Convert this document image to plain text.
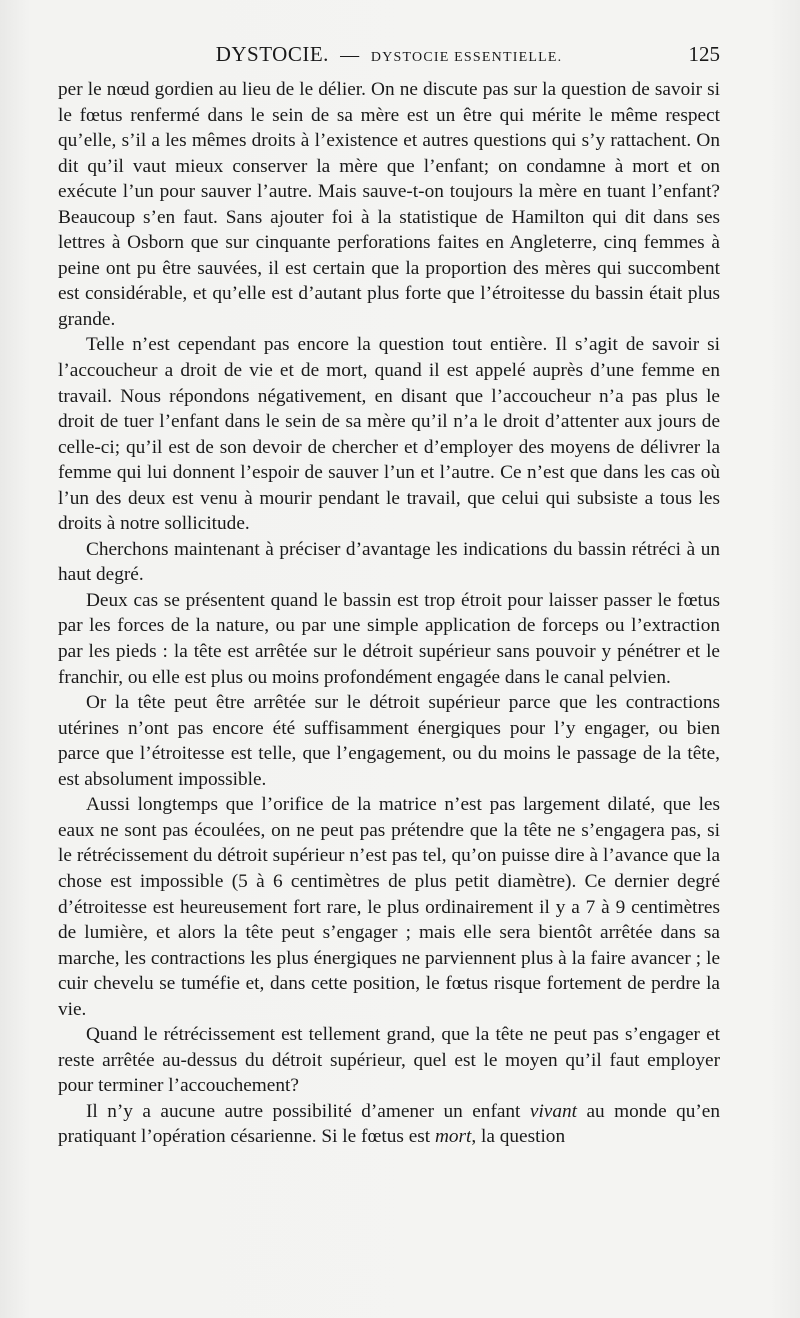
DYSTOCIE. — DYSTOCIE ESSENTIELLE.	125

per le nœud gordien au lieu de le délier. On ne discute pas sur la question de savoir si le fœtus renfermé dans le sein de sa mère est un être qui mérite le même respect qu’elle, s’il a les mêmes droits à l’existence et autres questions qui s’y rattachent. On dit qu’il vaut mieux conserver la mère que l’enfant; on condamne à mort et on exécute l’un pour sauver l’autre. Mais sauve-t-on toujours la mère en tuant l’enfant? Beaucoup s’en faut. Sans ajouter foi à la statistique de Hamilton qui dit dans ses lettres à Osborn que sur cinquante perforations faites en Angleterre, cinq femmes à peine ont pu être sauvées, il est certain que la proportion des mères qui succombent est considérable, et qu’elle est d’autant plus forte que l’étroitesse du bassin était plus grande.

Telle n’est cependant pas encore la question tout entière. Il s’agit de savoir si l’accoucheur a droit de vie et de mort, quand il est appelé auprès d’une femme en travail. Nous répondons négativement, en disant que l’accoucheur n’a pas plus le droit de tuer l’enfant dans le sein de sa mère qu’il n’a le droit d’attenter aux jours de celle-ci; qu’il est de son devoir de chercher et d’employer des moyens de délivrer la femme qui lui donnent l’espoir de sauver l’un et l’autre. Ce n’est que dans les cas où l’un des deux est venu à mourir pendant le travail, que celui qui subsiste a tous les droits à notre sollicitude.

Cherchons maintenant à préciser d’avantage les indications du bassin rétréci à un haut degré.

Deux cas se présentent quand le bassin est trop étroit pour laisser passer le fœtus par les forces de la nature, ou par une simple application de forceps ou l’extraction par les pieds : la tête est arrêtée sur le détroit supérieur sans pouvoir y pénétrer et le franchir, ou elle est plus ou moins profondément engagée dans le canal pelvien.

Or la tête peut être arrêtée sur le détroit supérieur parce que les contractions utérines n’ont pas encore été suffisamment énergiques pour l’y engager, ou bien parce que l’étroitesse est telle, que l’engagement, ou du moins le passage de la tête, est absolument impossible.

Aussi longtemps que l’orifice de la matrice n’est pas largement dilaté, que les eaux ne sont pas écoulées, on ne peut pas prétendre que la tête ne s’engagera pas, si le rétrécissement du détroit supérieur n’est pas tel, qu’on puisse dire à l’avance que la chose est impossible (5 à 6 centimètres de plus petit diamètre). Ce dernier degré d’étroitesse est heureusement fort rare, le plus ordinairement il y a 7 à 9 centimètres de lumière, et alors la tête peut s’engager ; mais elle sera bientôt arrêtée dans sa marche, les contractions les plus énergiques ne parviennent plus à la faire avancer ; le cuir chevelu se tuméfie et, dans cette position, le fœtus risque fortement de perdre la vie.

Quand le rétrécissement est tellement grand, que la tête ne peut pas s’engager et reste arrêtée au-dessus du détroit supérieur, quel est le moyen qu’il faut employer pour terminer l’accouchement?

Il n’y a aucune autre possibilité d’amener un enfant vivant au monde qu’en pratiquant l’opération césarienne. Si le fœtus est mort, la question
